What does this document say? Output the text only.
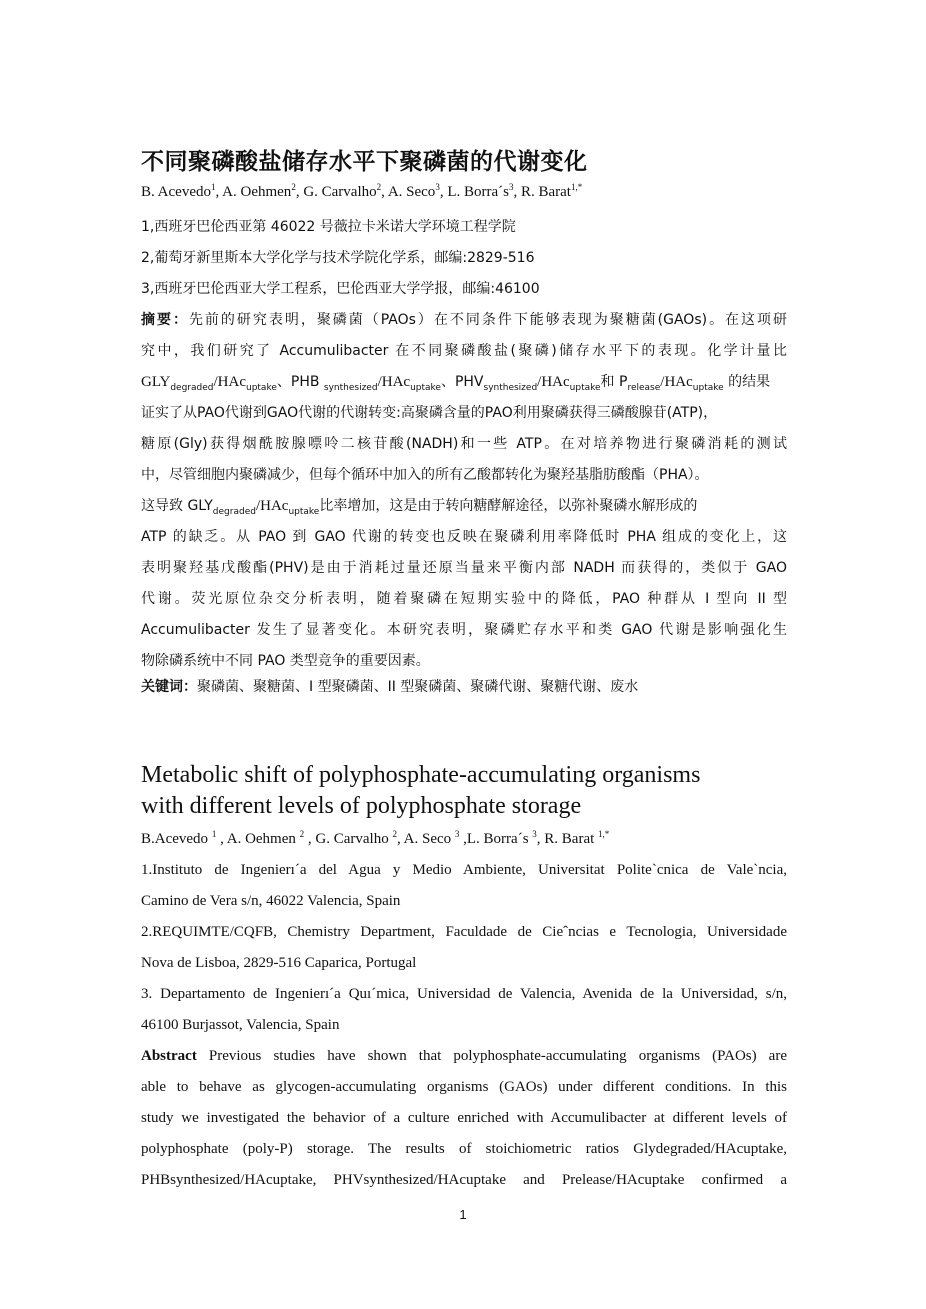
不同聚磷酸盐储存水平下聚磷菌的代谢变化
B. Acevedo$^1$, A. Oehmen$^2$, G. Carvalho$^2$, A. Seco$^3$, L. $Borra´s^3$, R. Barat$^{1,*}$
1,西班牙巴伦西亚第 46022 号薇拉卡米诺大学环境工程学院
2,葡萄牙新里斯本大学化学与技术学院化学系，邮编:2829-516
3,西班牙巴伦西亚大学工程系，巴伦西亚大学学报，邮编:46100
摘要：先前的研究表明，聚磷菌（PAOs）在不同条件下能够表现为聚糖菌(GAOs)。在这项研
究中，我们研究了 Accumulibacter 在不同聚磷酸盐(聚磷)储存水平下的表现。化学计量比
$GLY_{degraded}/HAc_{uptake}$、PHB $_{synthesized}$/HAc$_{uptake}$、$PHV_{synthesized}/HAc_{uptake}$和 $P_{release}/HAc_{uptake}$ 的结果
证实了从PAO代谢到GAO代谢的代谢转变:高聚磷含量的PAO利用聚磷获得三磷酸腺苷(ATP)，
糖原(Gly)获得烟酰胺腺嘌呤二核苷酸(NADH)和一些 ATP。在对培养物进行聚磷消耗的测试
中，尽管细胞内聚磷减少，但每个循环中加入的所有乙酸都转化为聚羟基脂肪酸酯（PHA）。
这导致 $GLY_{degraded}/HAc_{uptake}$比率增加，这是由于转向糖酵解途径，以弥补聚磷水解形成的
ATP 的缺乏。从 PAO 到 GAO 代谢的转变也反映在聚磷利用率降低时 PHA 组成的变化上，这
表明聚羟基戊酸酯(PHV)是由于消耗过量还原当量来平衡内部 NADH 而获得的，类似于 GAO
代谢。荧光原位杂交分析表明，随着聚磷在短期实验中的降低，PAO 种群从 I 型向 II 型
Accumulibacter 发生了显著变化。本研究表明，聚磷贮存水平和类 GAO 代谢是影响强化生
物除磷系统中不同 PAO 类型竞争的重要因素。
关键词：聚磷菌、聚糖菌、I 型聚磷菌、II 型聚磷菌、聚磷代谢、聚糖代谢、废水
Metabolic shift of polyphosphate-accumulating organisms
with different levels of polyphosphate storage
B.Acevedo $^1$ , A. Oehmen $^2$ , G. Carvalho $^2$, A. Seco $^3$ ,L. Borra´s $^3$, R. Barat $^{1,*}$
1.Instituto de Ingenierı´a del Agua y Medio Ambiente, Universitat Polite`cnica de Vale`ncia,
Camino de Vera s/n, 46022 Valencia, Spain
2.REQUIMTE/CQFB, Chemistry Department, Faculdade de Cieˆncias e Tecnologia, Universidade
Nova de Lisboa, 2829-516 Caparica, Portugal
3. Departamento de Ingenierı´a Quı´mica, Universidad de Valencia, Avenida de la Universidad, s/n,
46100 Burjassot, Valencia, Spain
Abstract Previous studies have shown that polyphosphate-accumulating organisms (PAOs) are
able to behave as glycogen-accumulating organisms (GAOs) under different conditions. In this
study we investigated the behavior of a culture enriched with Accumulibacter at different levels of
polyphosphate (poly-P) storage. The results of stoichiometric ratios Glydegraded/HAcuptake,
PHBsynthesized/HAcuptake, PHVsynthesized/HAcuptake and Prelease/HAcuptake confirmed a
1
